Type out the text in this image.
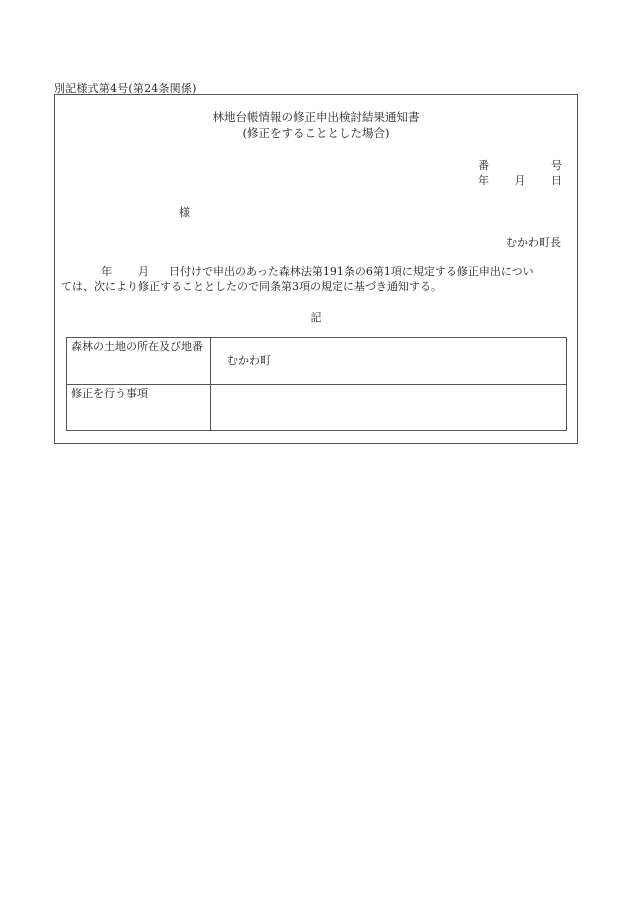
別記様式第4号(第24条関係)
林地台帳情報の修正申出検討結果通知書
(修正をすることとした場合)
番	号
年 月 日
様
むかわ町長
年 月 日付けで申出のあった森林法第191条の6第1項に規定する修正申出につい
ては、次により修正することとしたので同条第3項の規定に基づき通知する。
記
森林の土地の所在及び地番	むかわ町
修正を行う事項	
